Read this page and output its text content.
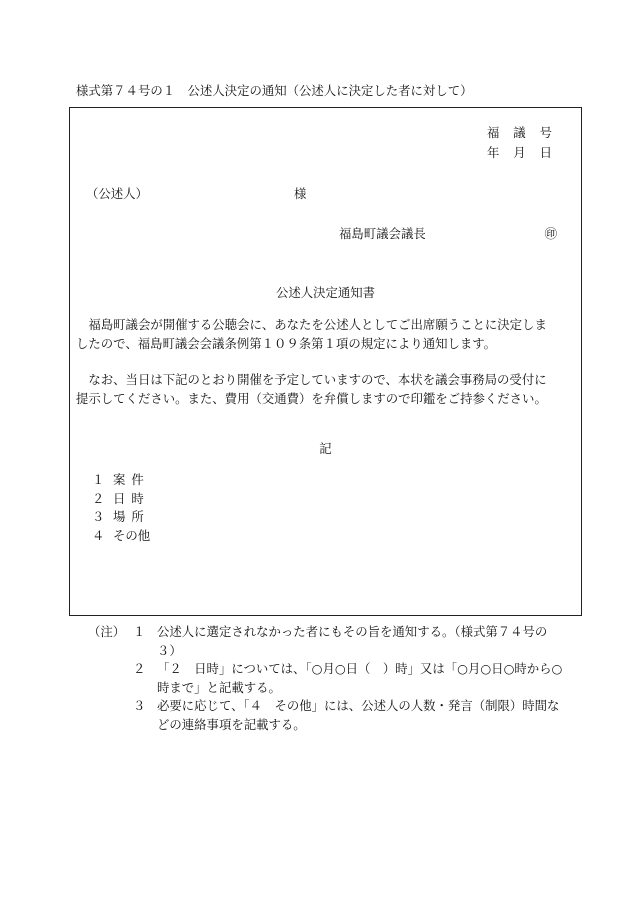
様式第７４号の１　公述人決定の通知（公述人に決定した者に対して）
福 議 号
年 月 日
（公述人）	様
福島町議会議長	㊞
公述人決定通知書
　福島町議会が開催する公聴会に、あなたを公述人としてご出席願うことに決定しましたので、福島町議会会議条例第１０９条第１項の規定により通知します。
　なお、当日は下記のとおり開催を予定していますので、本状を議会事務局の受付に提示してください。また、費用（交通費）を弁償しますので印鑑をご持参ください。
記
１ 案件
２ 日時
３ 場所
４ その他
（注） １ 公述人に選定されなかった者にもその旨を通知する。（様式第７４号の３）
２ 「２　日時」については、「○月○日（　）時」又は「○月○日○時から○時まで」と記載する。
３ 必要に応じて、「４　その他」には、公述人の人数・発言（制限）時間などの連絡事項を記載する。
